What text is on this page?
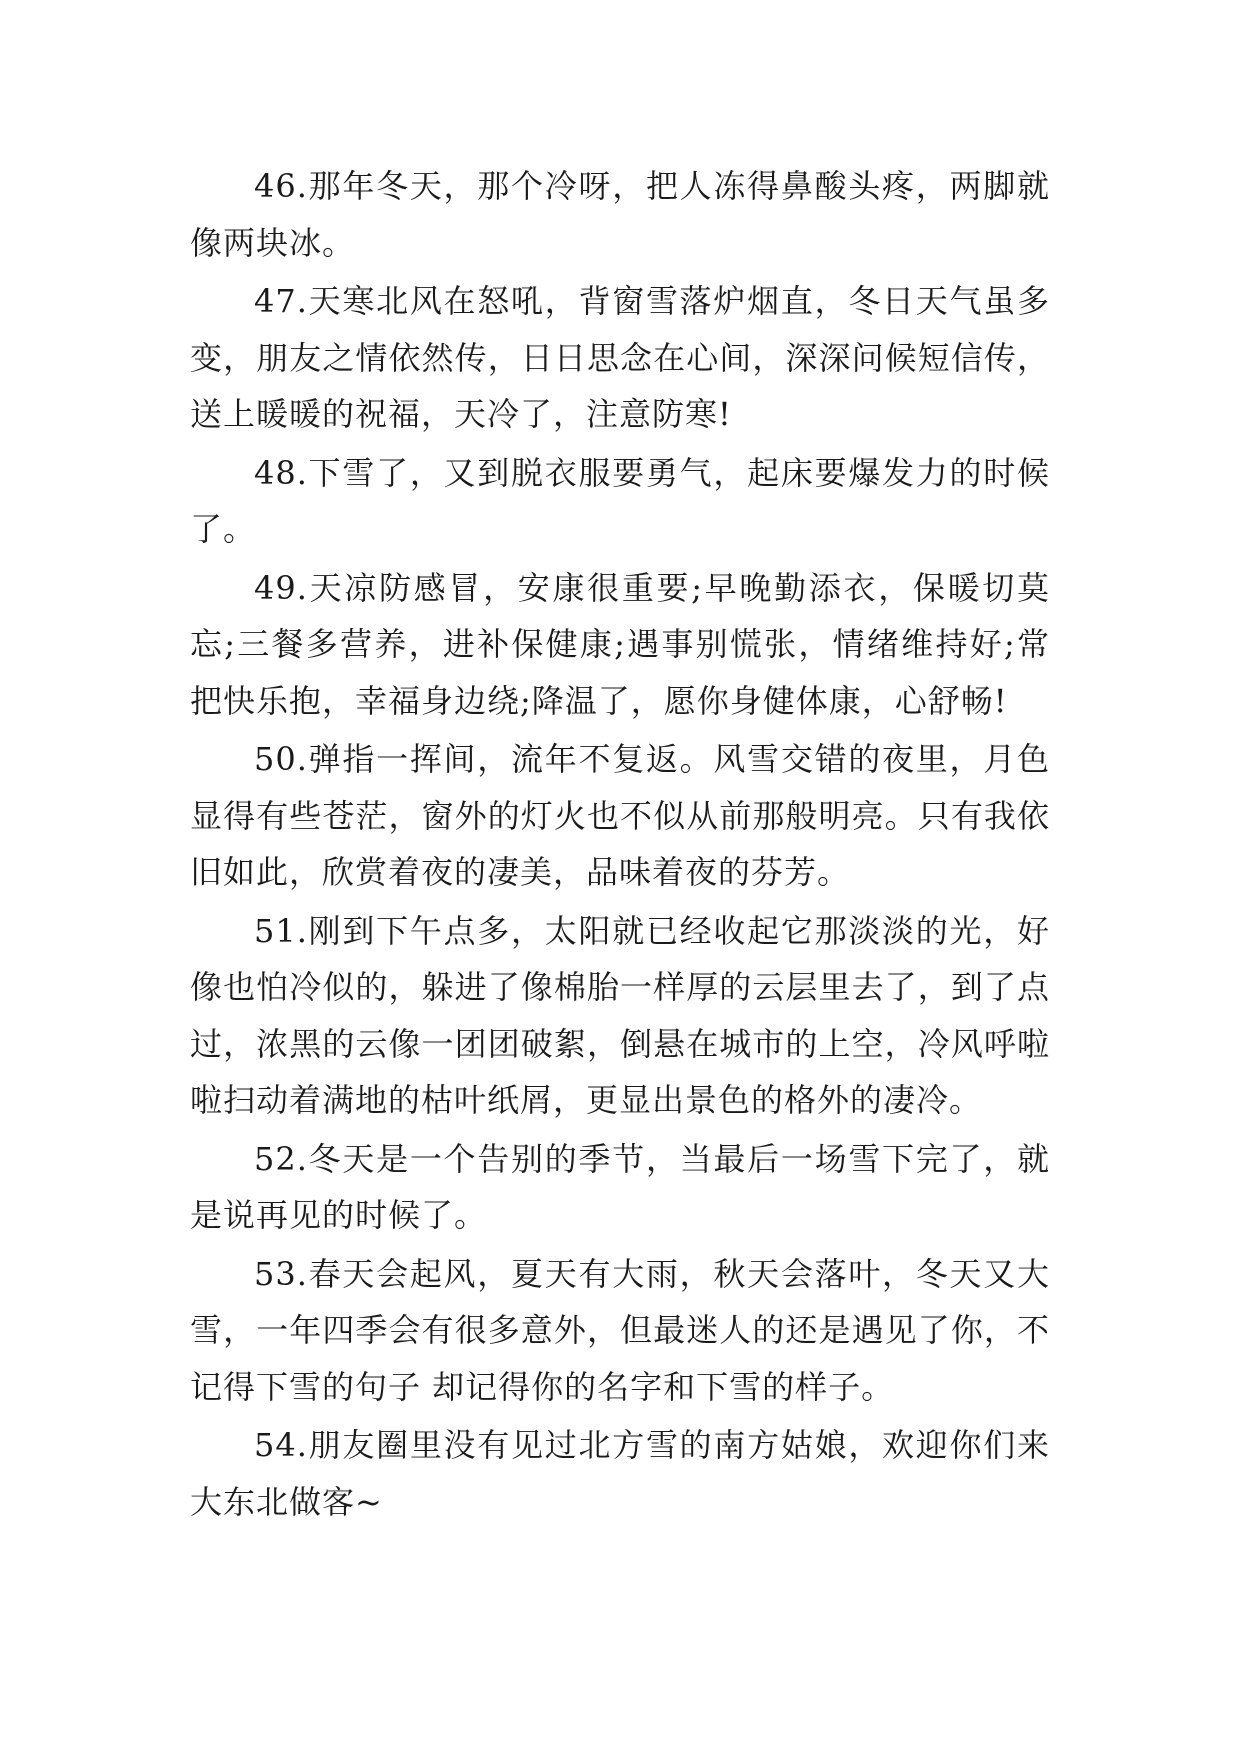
46.那年冬天，那个冷呀，把人冻得鼻酸头疼，两脚就像两块冰。

47.天寒北风在怒吼，背窗雪落炉烟直，冬日天气虽多变，朋友之情依然传，日日思念在心间，深深问候短信传，送上暖暖的祝福，天冷了，注意防寒!

48.下雪了，又到脱衣服要勇气，起床要爆发力的时候了。

49.天凉防感冒，安康很重要;早晚勤添衣，保暖切莫忘;三餐多营养，进补保健康;遇事别慌张，情绪维持好;常把快乐抱，幸福身边绕;降温了，愿你身健体康，心舒畅!

50.弹指一挥间，流年不复返。风雪交错的夜里，月色显得有些苍茫，窗外的灯火也不似从前那般明亮。只有我依旧如此，欣赏着夜的凄美，品味着夜的芬芳。

51.刚到下午点多，太阳就已经收起它那淡淡的光，好像也怕冷似的，躲进了像棉胎一样厚的云层里去了，到了点过，浓黑的云像一团团破絮，倒悬在城市的上空，冷风呼啦啦扫动着满地的枯叶纸屑，更显出景色的格外的凄冷。

52.冬天是一个告别的季节，当最后一场雪下完了，就是说再见的时候了。

53.春天会起风，夏天有大雨，秋天会落叶，冬天又大雪，一年四季会有很多意外，但最迷人的还是遇见了你，不记得下雪的句子 却记得你的名字和下雪的样子。

54.朋友圈里没有见过北方雪的南方姑娘，欢迎你们来大东北做客~
